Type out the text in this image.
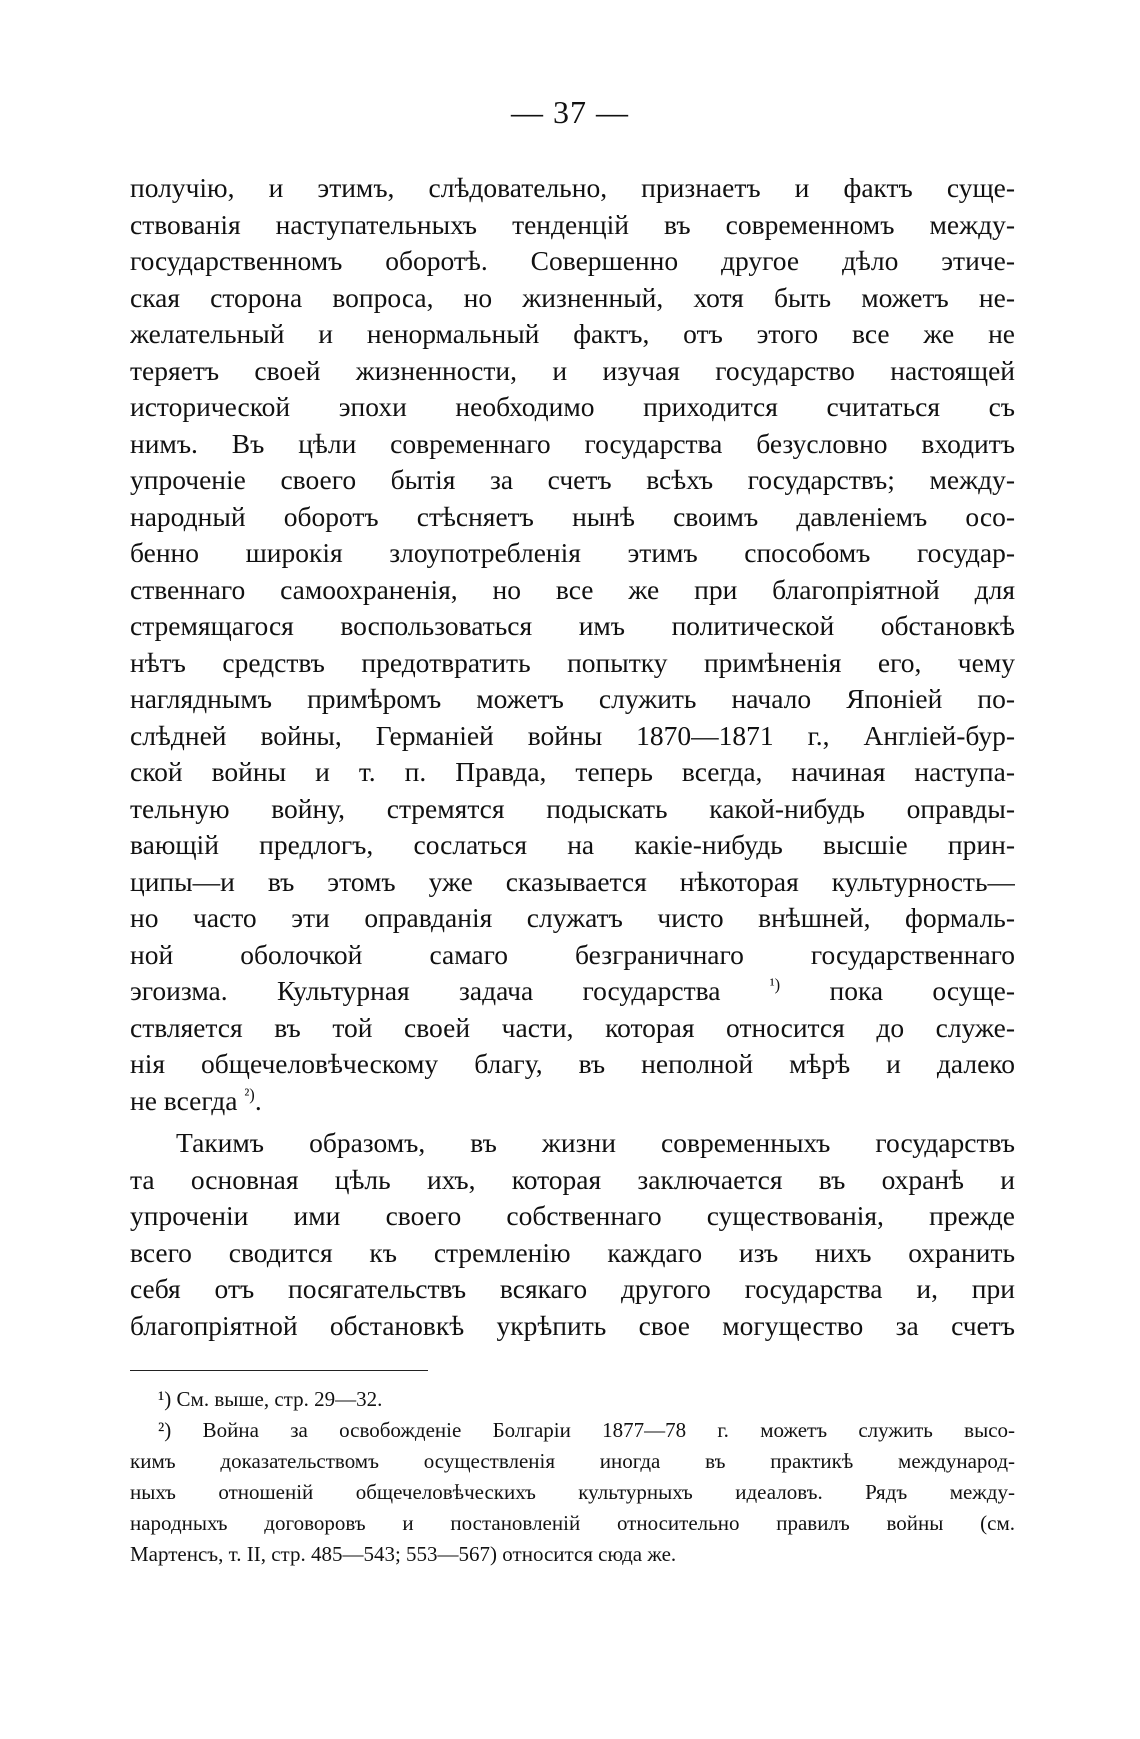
— 37 —
получію, и этимъ, слѣдовательно, признаетъ и фактъ суще-
ствованія наступательныхъ тенденцій въ современномъ между-
государственномъ оборотѣ. Совершенно другое дѣло этиче-
ская сторона вопроса, но жизненный, хотя быть можетъ не-
желательный и ненормальный фактъ, отъ этого все же не
теряетъ своей жизненности, и изучая государство настоящей
исторической эпохи необходимо приходится считаться съ
нимъ. Въ цѣли современнаго государства безусловно входитъ
упроченіе своего бытія за счетъ всѣхъ государствъ; между-
народный оборотъ стѣсняетъ нынѣ своимъ давленіемъ осо-
бенно широкія злоупотребленія этимъ способомъ государ-
ственнаго самоохраненія, но все же при благопріятной для
стремящагося воспользоваться имъ политической обстановкѣ
нѣтъ средствъ предотвратить попытку примѣненія его, чему
нагляднымъ примѣромъ можетъ служить начало Японіей по-
слѣдней войны, Германіей войны 1870—1871 г., Англіей-бур-
ской войны и т. п. Правда, теперь всегда, начиная наступа-
тельную войну, стремятся подыскать какой-нибудь оправды-
вающій предлогъ, сослаться на какіе-нибудь высшіе прин-
ципы—и въ этомъ уже сказывается нѣкоторая культурность—
но часто эти оправданія служатъ чисто внѣшней, формаль-
ной оболочкой самаго безграничнаго государственнаго
эгоизма. Культурная задача государства	$^{^1)}$ пока осуще-
ствляется въ той своей части, которая относится до служе-
нія общечеловѣческому благу, въ неполной мѣрѣ и далеко
не всегда $^{^2)}$.
Такимъ образомъ, въ жизни современныхъ государствъ
та основная цѣль ихъ, которая заключается въ охранѣ и
упроченіи ими своего собственнаго существованія, прежде
всего сводится къ стремленію каждаго изъ нихъ охранить
себя отъ посягательствъ всякаго другого государства и, при
благопріятной обстановкѣ укрѣпить свое могущество за счетъ
¹) См. выше, стр. 29—32.
²) Война за освобожденіе Болгаріи 1877—78 г. можетъ служить высо-
кимъ доказательствомъ осуществленія иногда въ практикѣ международ-
ныхъ отношеній общечеловѣческихъ культурныхъ идеаловъ. Рядъ между-
народныхъ договоровъ и постановленій относительно правилъ войны (см.
Мартенсъ, т. II, стр. 485—543; 553—567) относится сюда же.
